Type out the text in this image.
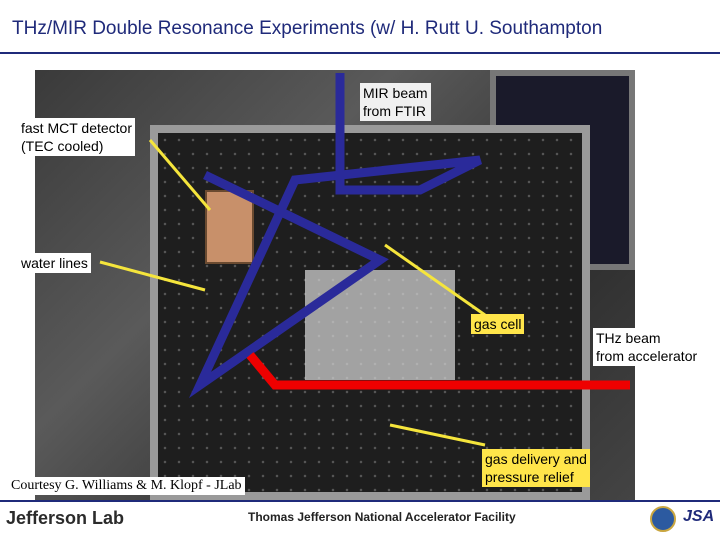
THz/MIR Double Resonance Experiments (w/ H. Rutt U. Southampton
fast MCT detector
(TEC cooled)
MIR beam
from FTIR
water lines
gas cell
THz beam
from accelerator
gas delivery and
pressure relief
Courtesy G. Williams & M. Klopf - JLab
Jefferson Lab	Thomas Jefferson National Accelerator Facility	JSA
